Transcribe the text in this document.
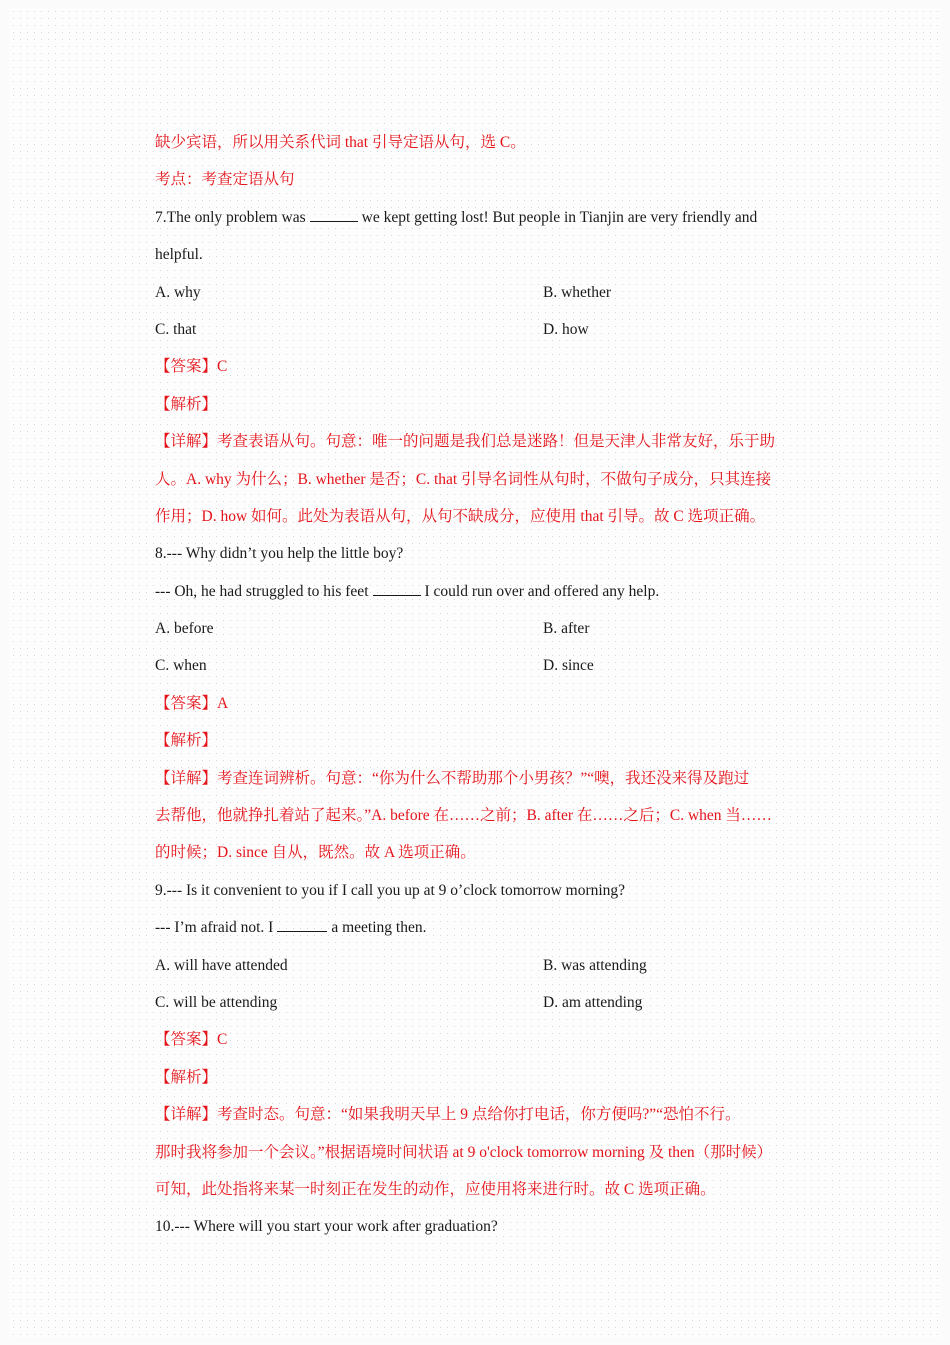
缺少宾语，所以用关系代词 that 引导定语从句，选 C。
考点：考查定语从句
7.The only problem was	we kept getting lost! But people in Tianjin are very friendly and
helpful.
A. why	B. whether
C. that	D. how
【答案】C
【解析】
【详解】考查表语从句。句意：唯一的问题是我们总是迷路！但是天津人非常友好，乐于助
人。A. why 为什么；B. whether 是否；C. that 引导名词性从句时，不做句子成分，只其连接
作用；D. how 如何。此处为表语从句，从句不缺成分，应使用 that 引导。故 C 选项正确。
8.--- Why didn’t you help the little boy?
--- Oh, he had struggled to his feet	I could run over and offered any help.
A. before	B. after
C. when	D. since
【答案】A
【解析】
【详解】考查连词辨析。句意：“你为什么不帮助那个小男孩？”“噢，我还没来得及跑过
去帮他，他就挣扎着站了起来。”A. before 在……之前；B. after 在……之后；C. when 当……
的时候；D. since 自从，既然。故 A 选项正确。
9.--- Is it convenient to you if I call you up at 9 o’clock tomorrow morning?
--- I’m afraid not. I	a meeting then.
A. will have attended	B. was attending
C. will be attending	D. am attending
【答案】C
【解析】
【详解】考查时态。句意：“如果我明天早上 9 点给你打电话，你方便吗?”“恐怕不行。
那时我将参加一个会议。”根据语境时间状语 at 9 o'clock tomorrow morning 及 then（那时候）
可知，此处指将来某一时刻正在发生的动作，应使用将来进行时。故 C 选项正确。
10.--- Where will you start your work after graduation?
